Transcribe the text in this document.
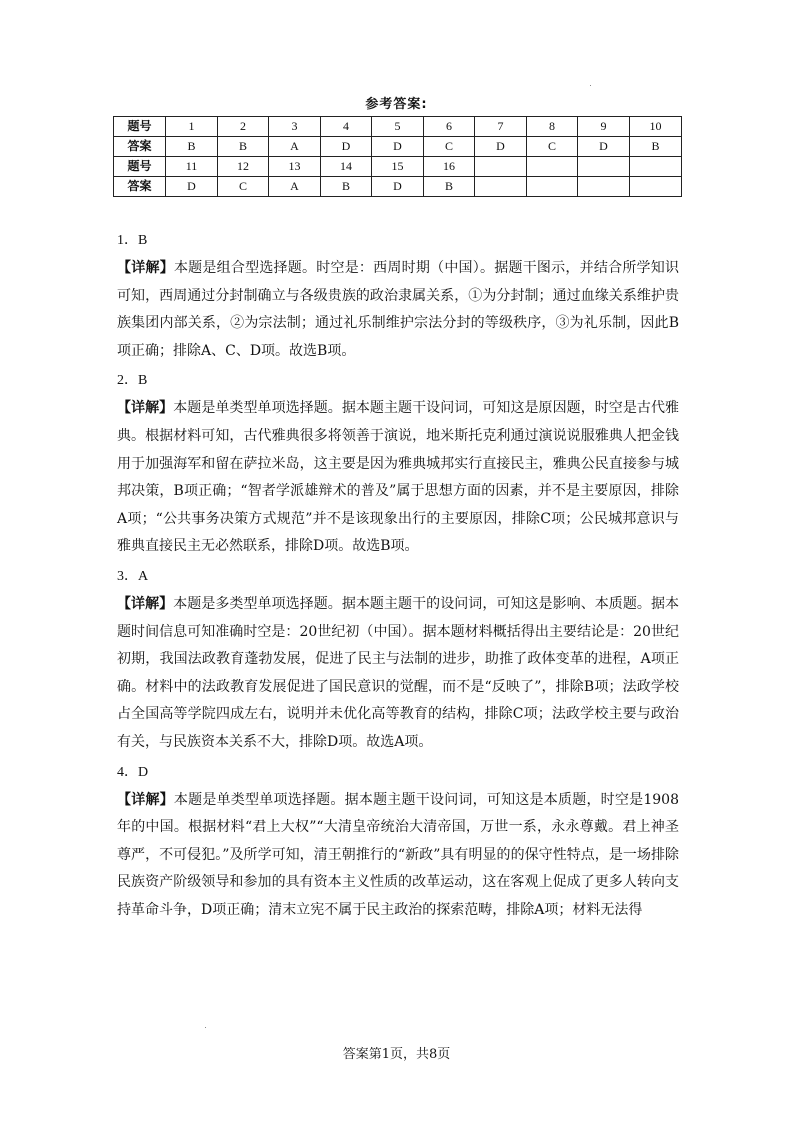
参考答案:
题号	1	2	3	4	5	6	7	8	9	10
答案	B	B	A	D	D	C	D	C	D	B
题号	11	12	13	14	15	16				
答案	D	C	A	B	D	B				
1．B

【详解】本题是组合型选择题。时空是：西周时期（中国）。据题干图示，并结合所学知识可知，西周通过分封制确立与各级贵族的政治隶属关系，①为分封制；通过血缘关系维护贵族集团内部关系，②为宗法制；通过礼乐制维护宗法分封的等级秩序，③为礼乐制，因此B项正确；排除A、C、D项。故选B项。

2．B

【详解】本题是单类型单项选择题。据本题主题干设问词，可知这是原因题，时空是古代雅典。根据材料可知，古代雅典很多将领善于演说，地米斯托克利通过演说说服雅典人把金钱用于加强海军和留在萨拉米岛，这主要是因为雅典城邦实行直接民主，雅典公民直接参与城邦决策，B项正确；“智者学派雄辩术的普及”属于思想方面的因素，并不是主要原因，排除A项；“公共事务决策方式规范”并不是该现象出行的主要原因，排除C项；公民城邦意识与雅典直接民主无必然联系，排除D项。故选B项。

3．A

【详解】本题是多类型单项选择题。据本题主题干的设问词，可知这是影响、本质题。据本题时间信息可知准确时空是：20世纪初（中国）。据本题材料概括得出主要结论是：20世纪初期，我国法政教育蓬勃发展，促进了民主与法制的进步，助推了政体变革的进程，A项正确。材料中的法政教育发展促进了国民意识的觉醒，而不是“反映了”，排除B项；法政学校占全国高等学院四成左右，说明并未优化高等教育的结构，排除C项；法政学校主要与政治有关，与民族资本关系不大，排除D项。故选A项。

4．D

【详解】本题是单类型单项选择题。据本题主题干设问词，可知这是本质题，时空是1908年的中国。根据材料“君上大权”“大清皇帝统治大清帝国，万世一系，永永尊戴。君上神圣尊严，不可侵犯。”及所学可知，清王朝推行的“新政”具有明显的的保守性特点，是一场排除民族资产阶级领导和参加的具有资本主义性质的改革运动，这在客观上促成了更多人转向支持革命斗争，D项正确；清末立宪不属于民主政治的探索范畴，排除A项；材料无法得

答案第1页，共8页
